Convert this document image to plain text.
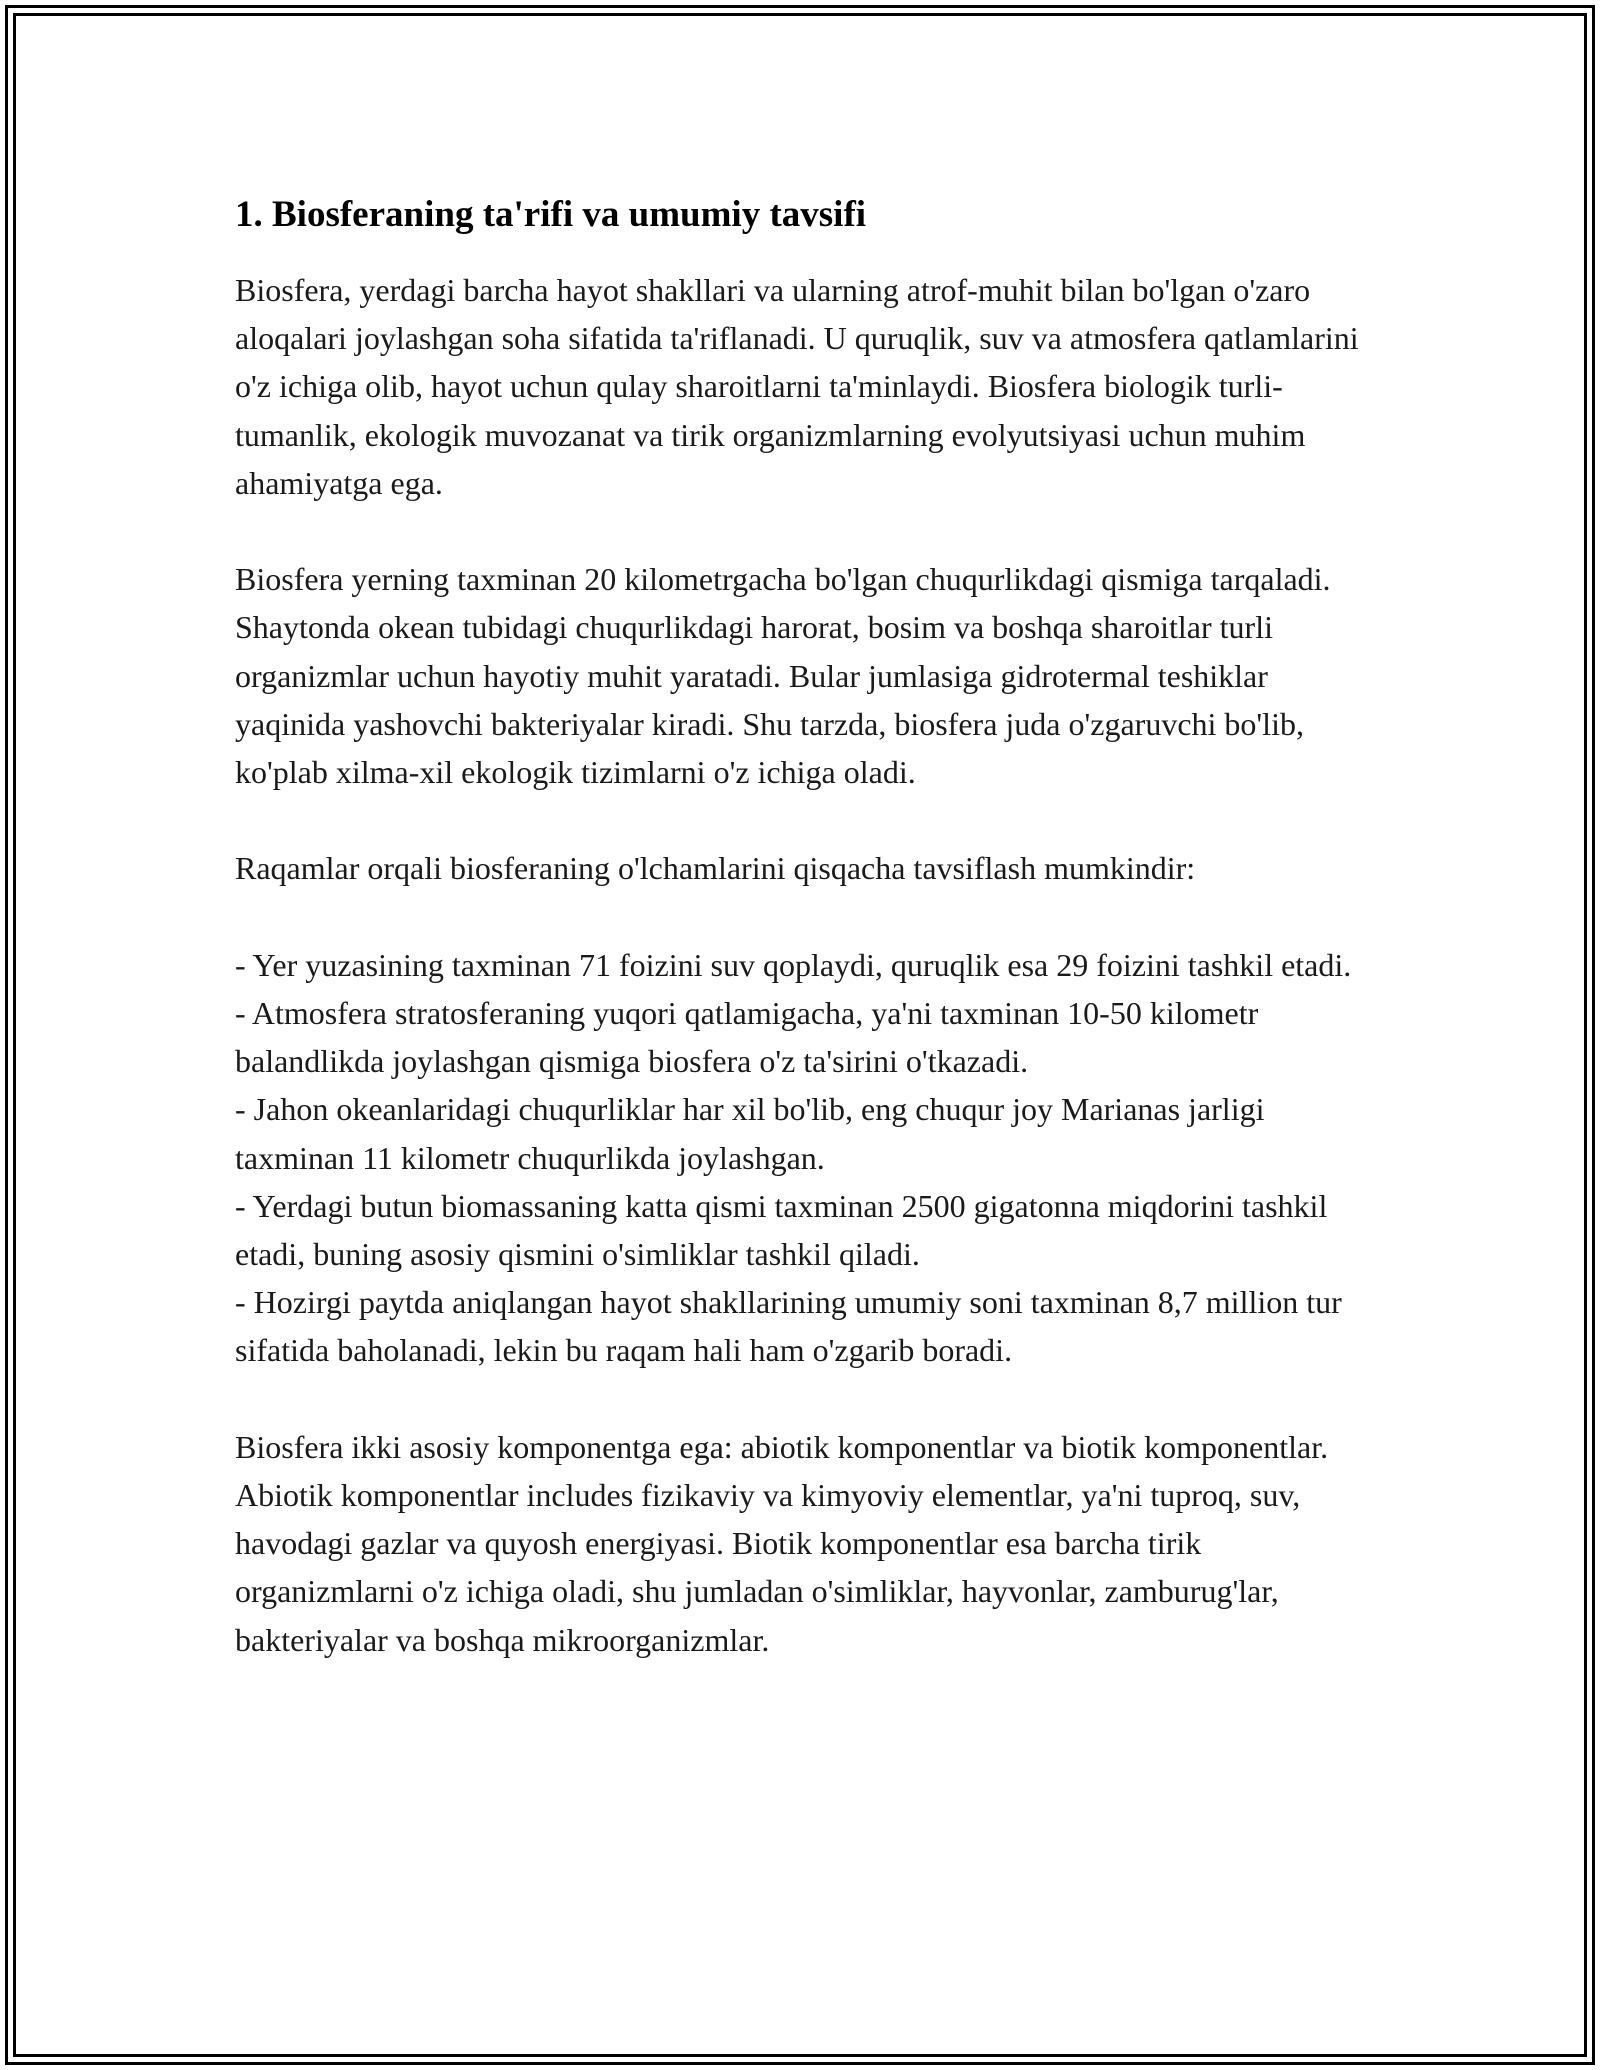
1. Biosferaning ta'rifi va umumiy tavsifi

Biosfera, yerdagi barcha hayot shakllari va ularning atrof-muhit bilan bo'lgan o'zaro aloqalari joylashgan soha sifatida ta'riflanadi. U quruqlik, suv va atmosfera qatlamlarini o'z ichiga olib, hayot uchun qulay sharoitlarni ta'minlaydi. Biosfera biologik turli-tumanlik, ekologik muvozanat va tirik organizmlarning evolyutsiyasi uchun muhim ahamiyatga ega.

Biosfera yerning taxminan 20 kilometrgacha bo'lgan chuqurlikdagi qismiga tarqaladi. Shaytonda okean tubidagi chuqurlikdagi harorat, bosim va boshqa sharoitlar turli organizmlar uchun hayotiy muhit yaratadi. Bular jumlasiga gidrotermal teshiklar yaqinida yashovchi bakteriyalar kiradi. Shu tarzda, biosfera juda o'zgaruvchi bo'lib, ko'plab xilma-xil ekologik tizimlarni o'z ichiga oladi.

Raqamlar orqali biosferaning o'lchamlarini qisqacha tavsiflash mumkindir:

- Yer yuzasining taxminan 71 foizini suv qoplaydi, quruqlik esa 29 foizini tashkil etadi.

- Atmosfera stratosferaning yuqori qatlamigacha, ya'ni taxminan 10-50 kilometr balandlikda joylashgan qismiga biosfera o'z ta'sirini o'tkazadi.

- Jahon okeanlaridagi chuqurliklar har xil bo'lib, eng chuqur joy Marianas jarligi taxminan 11 kilometr chuqurlikda joylashgan.

- Yerdagi butun biomassaning katta qismi taxminan 2500 gigatonna miqdorini tashkil etadi, buning asosiy qismini o'simliklar tashkil qiladi.

- Hozirgi paytda aniqlangan hayot shakllarining umumiy soni taxminan 8,7 million tur sifatida baholanadi, lekin bu raqam hali ham o'zgarib boradi.

Biosfera ikki asosiy komponentga ega: abiotik komponentlar va biotik komponentlar. Abiotik komponentlar includes fizikaviy va kimyoviy elementlar, ya'ni tuproq, suv, havodagi gazlar va quyosh energiyasi. Biotik komponentlar esa barcha tirik organizmlarni o'z ichiga oladi, shu jumladan o'simliklar, hayvonlar, zamburug'lar, bakteriyalar va boshqa mikroorganizmlar.
